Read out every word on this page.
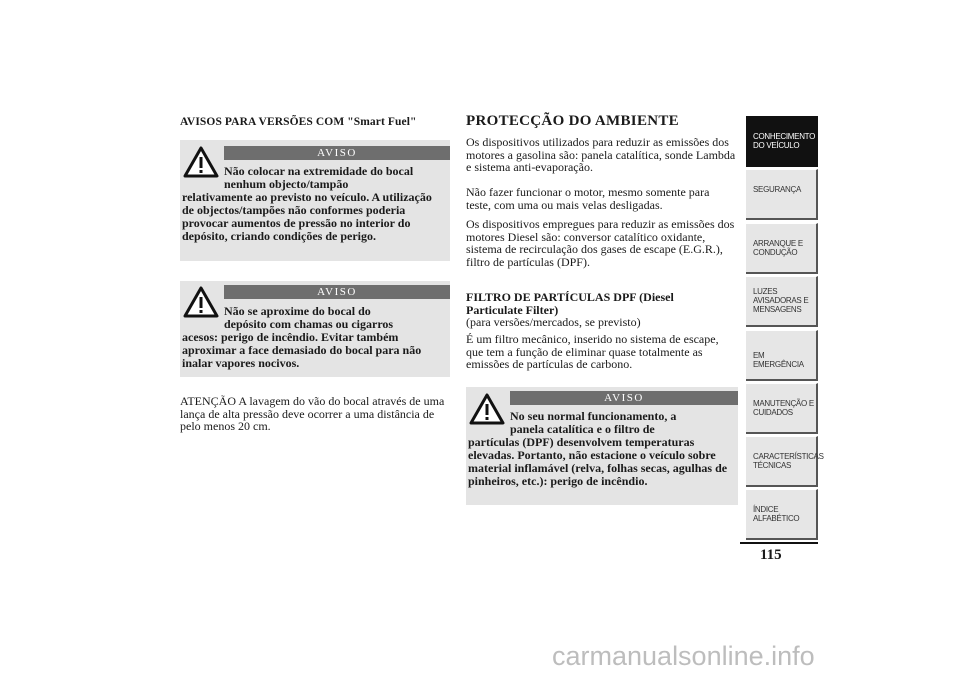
AVISOS PARA VERSÕES COM "Smart Fuel"
AVISO
Não colocar na extremidade do bocal
nenhum objecto/tampão
relativamente ao previsto no veículo. A utilização de objectos/tampões não conformes poderia provocar aumentos de pressão no interior do depósito, criando condições de perigo.
AVISO
Não se aproxime do bocal do
depósito com chamas ou cigarros
acesos: perigo de incêndio. Evitar também aproximar a face demasiado do bocal para não inalar vapores nocivos.
ATENÇÃO A lavagem do vão do bocal através de uma lança de alta pressão deve ocorrer a uma distância de pelo menos 20 cm.
PROTECÇÃO DO AMBIENTE
Os dispositivos utilizados para reduzir as emissões dos motores a gasolina são: panela catalítica, sonde Lambda e sistema anti-evaporação.
Não fazer funcionar o motor, mesmo somente para teste, com uma ou mais velas desligadas.
Os dispositivos empregues para reduzir as emissões dos motores Diesel são: conversor catalítico oxidante, sistema de recirculação dos gases de escape (E.G.R.), filtro de partículas (DPF).
FILTRO DE PARTÍCULAS DPF (Diesel Particulate Filter)
(para versões/mercados, se previsto)
É um filtro mecânico, inserido no sistema de escape, que tem a função de eliminar quase totalmente as emissões de partículas de carbono.
AVISO
No seu normal funcionamento, a
panela catalítica e o filtro de
partículas (DPF) desenvolvem temperaturas elevadas. Portanto, não estacione o veículo sobre material inflamável (relva, folhas secas, agulhas de pinheiros, etc.): perigo de incêndio.
CONHECIMENTO DO VEÍCULO
SEGURANÇA
ARRANQUE E CONDUÇÃO
LUZES AVISADORAS E MENSAGENS
EM EMERGÊNCIA
MANUTENÇÃO E CUIDADOS
CARACTERÍSTICAS TÉCNICAS
ÍNDICE ALFABÉTICO
115
carmanualsonline.info
